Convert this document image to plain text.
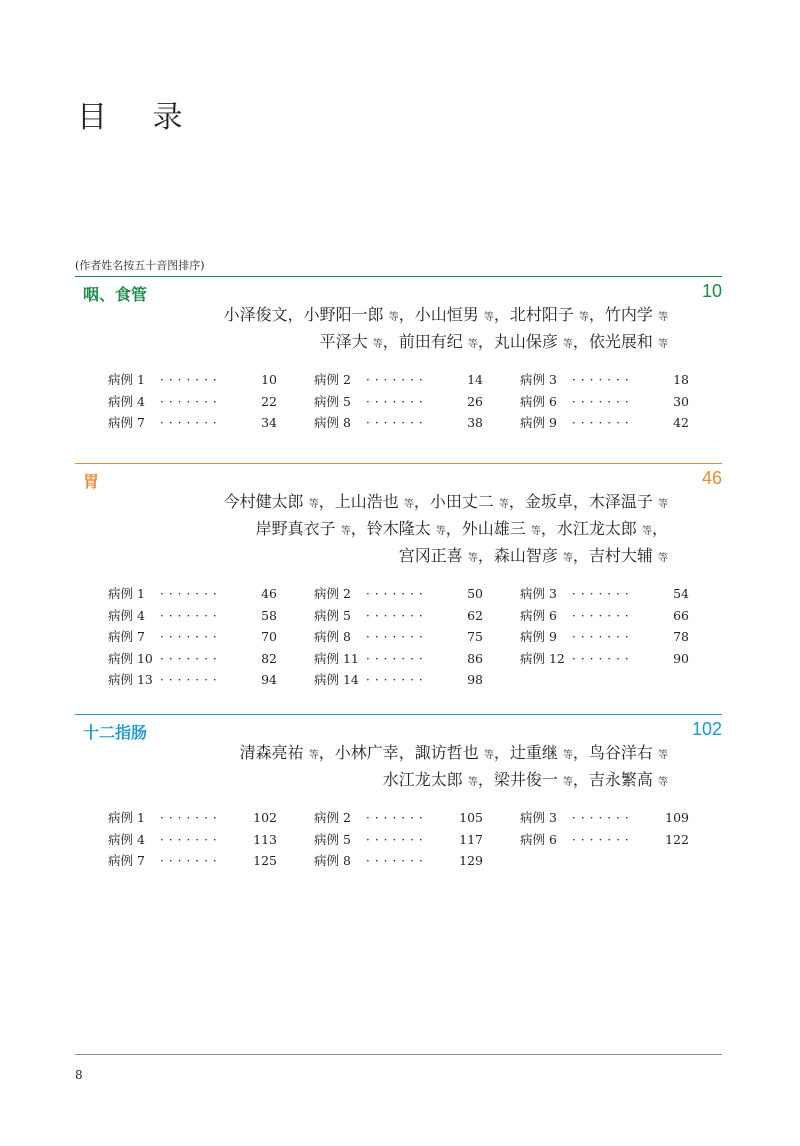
目 录
(作者姓名按五十音图排序)
咽、食管	10
小泽俊文，小野阳一郎 等，小山恒男 等，北村阳子 等，竹内学 等
平泽大 等，前田有纪 等，丸山保彦 等，依光展和 等
病例 1 ·······	10	病例 2 ·······	14	病例 3 ·······	18
病例 4 ·······	22	病例 5 ·······	26	病例 6 ·······	30
病例 7 ·······	34	病例 8 ·······	38	病例 9 ·······	42
胃	46
今村健太郎 等，上山浩也 等，小田丈二 等，金坂卓，木泽温子 等
岸野真衣子 等，铃木隆太 等，外山雄三 等，水江龙太郎 等，
宫冈正喜 等，森山智彦 等，吉村大辅 等
病例 1 ·······	46	病例 2 ·······	50	病例 3 ·······	54
病例 4 ·······	58	病例 5 ·······	62	病例 6 ·······	66
病例 7 ·······	70	病例 8 ·······	75	病例 9 ·······	78
病例 10 ·······	82	病例 11 ·······	86	病例 12 ·······	90
病例 13 ·······	94	病例 14 ·······	98
十二指肠	102
清森亮祐 等，小林广幸，諏访哲也 等，辻重继 等，鸟谷洋右 等
水江龙太郎 等，梁井俊一 等，吉永繁高 等
病例 1 ·······	102	病例 2 ·······	105	病例 3 ·······	109
病例 4 ·······	113	病例 5 ·······	117	病例 6 ·······	122
病例 7 ·······	125	病例 8 ·······	129
8
